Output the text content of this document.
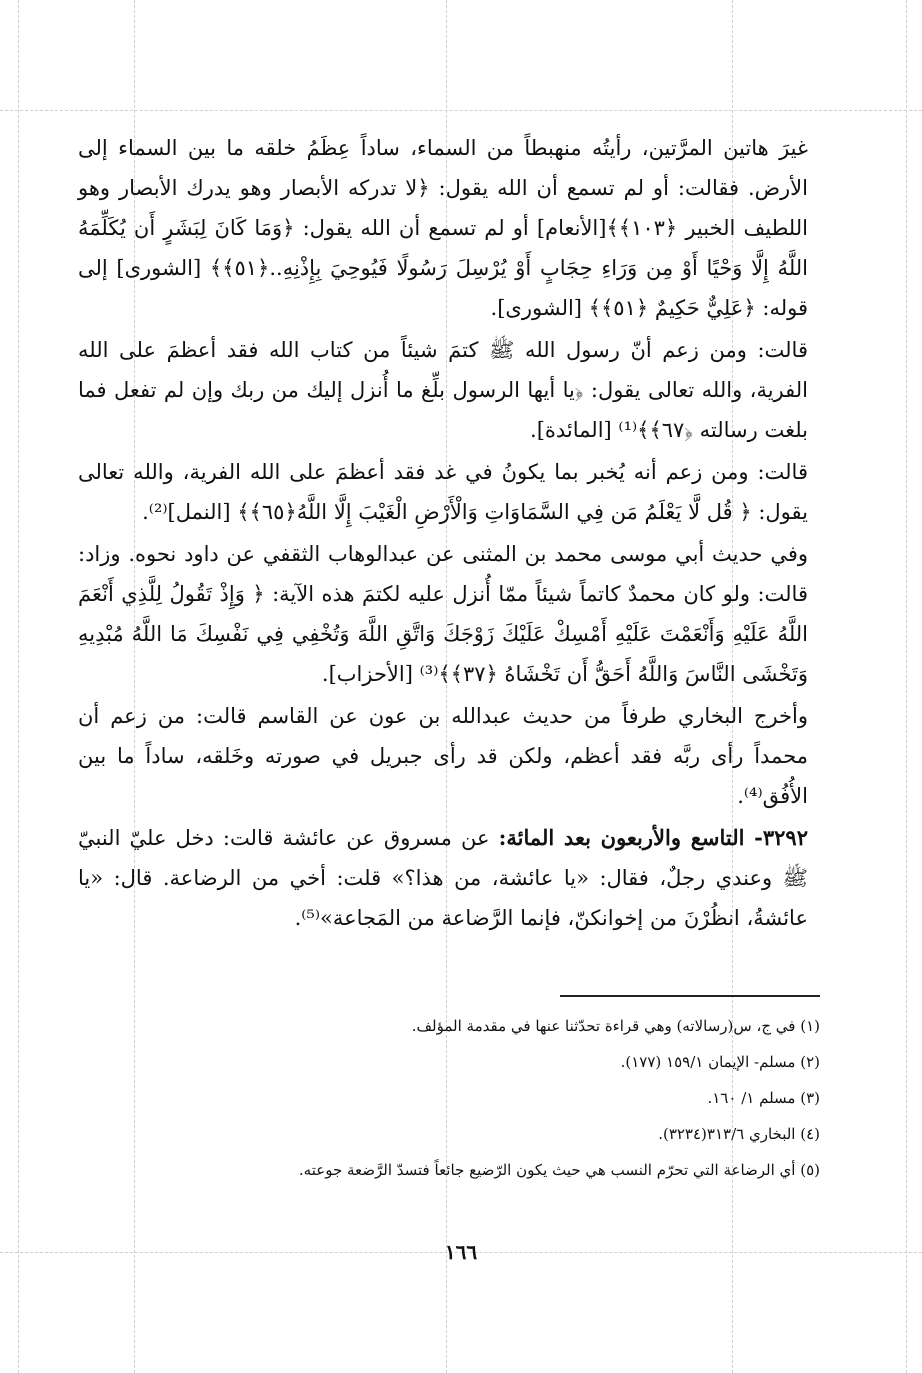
غيرَ هاتين المرَّتين، رأيتُه منهبطاً من السماء، ساداً عِظَمُ خلقه ما بين السماء إلى الأرض. فقالت: أو لم تسمع أن الله يقول: ﴿لا تدركه الأبصار وهو يدرك الأبصار وهو اللطيف الخبير ﴿١٠٣﴾﴾[الأنعام] أو لم تسمع أن الله يقول: ﴿وَمَا كَانَ لِبَشَرٍ أَن يُكَلِّمَهُ اللَّهُ إِلَّا وَحْيًا أَوْ مِن وَرَاءِ حِجَابٍ أَوْ يُرْسِلَ رَسُولًا فَيُوحِيَ بِإِذْنِهِ..﴿٥١﴾﴾ [الشورى] إلى قوله: ﴿عَلِيٌّ حَكِيمٌ ﴿٥١﴾﴾ [الشورى].

قالت: ومن زعم أنّ رسول الله ﷺ كتمَ شيئاً من كتاب الله فقد أعظمَ على الله الفرية، والله تعالى يقول: ﴿يا أيها الرسول بلِّغ ما أُنزل إليك من ربك وإن لم تفعل فما بلغت رسالته ﴿٦٧﴾﴾⁽¹⁾ [المائدة].

قالت: ومن زعم أنه يُخبر بما يكونُ في غد فقد أعظمَ على الله الفرية، والله تعالى يقول: ﴿ قُل لَّا يَعْلَمُ مَن فِي السَّمَاوَاتِ وَالْأَرْضِ الْغَيْبَ إِلَّا اللَّهُ﴿٦٥﴾﴾ [النمل]⁽²⁾.

وفي حديث أبي موسى محمد بن المثنى عن عبدالوهاب الثقفي عن داود نحوه. وزاد: قالت: ولو كان محمدٌ كاتماً شيئاً ممّا أُنزل عليه لكتمَ هذه الآية: ﴿ وَإِذْ تَقُولُ لِلَّذِي أَنْعَمَ اللَّهُ عَلَيْهِ وَأَنْعَمْتَ عَلَيْهِ أَمْسِكْ عَلَيْكَ زَوْجَكَ وَاتَّقِ اللَّهَ وَتُخْفِي فِي نَفْسِكَ مَا اللَّهُ مُبْدِيهِ وَتَخْشَى النَّاسَ وَاللَّهُ أَحَقُّ أَن تَخْشَاهُ ﴿٣٧﴾﴾⁽³⁾ [الأحزاب].

وأخرج البخاري طرفاً من حديث عبدالله بن عون عن القاسم قالت: من زعم أن محمداً رأى ربَّه فقد أعظم، ولكن قد رأى جبريل في صورته وخَلقه، ساداً ما بين الأُفُق⁽⁴⁾.

٣٢٩٢- التاسع والأربعون بعد المائة: عن مسروق عن عائشة قالت: دخل عليّ النبيّ ﷺ وعندي رجلٌ، فقال: «يا عائشة، من هذا؟» قلت: أخي من الرضاعة. قال: «يا عائشةُ، انظُرْنَ من إخوانكنّ، فإنما الرَّضاعة من المَجاعة»⁽⁵⁾.

(١) في ج، س(رسالاته) وهي قراءة تحدّثنا عنها في مقدمة المؤلف.

(٢) مسلم- الإيمان ١٥٩/١ (١٧٧).

(٣) مسلم ١/ ١٦٠.

(٤) البخاري ٣١٣/٦(٣٢٣٤).

(٥) أي الرضاعة التي تحرّم النسب هي حيث يكون الرّضيع جائعاً فتسدّ الرَّضعة جوعته.

١٦٦
